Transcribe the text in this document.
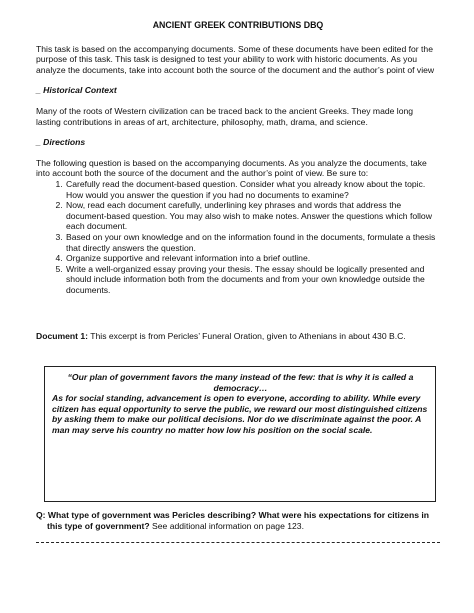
ANCIENT GREEK CONTRIBUTIONS DBQ

This task is based on the accompanying documents. Some of these documents have been edited for the purpose of this task. This task is designed to test your ability to work with historic documents. As you analyze the documents, take into account both the source of the document and the author’s point of view

_ Historical Context

Many of the roots of Western civilization can be traced back to the ancient Greeks. They made long lasting contributions in areas of art, architecture, philosophy, math, drama, and science.

_ Directions

The following question is based on the accompanying documents. As you analyze the documents, take into account both the source of the document and the author’s point of view. Be sure to:

1. Carefully read the document-based question. Consider what you already know about the topic. How would you answer the question if you had no documents to examine?
2. Now, read each document carefully, underlining key phrases and words that address the document-based question. You may also wish to make notes. Answer the questions which follow each document.
3. Based on your own knowledge and on the information found in the documents, formulate a thesis that directly answers the question.
4. Organize supportive and relevant information into a brief outline.
5. Write a well-organized essay proving your thesis. The essay should be logically presented and should include information both from the documents and from your own knowledge outside the documents.

Document 1: This excerpt is from Pericles’ Funeral Oration, given to Athenians in about 430 B.C.

“Our plan of government favors the many instead of the few: that is why it is called a democracy…

As for social standing, advancement is open to everyone, according to ability. While every citizen has equal opportunity to serve the public, we reward our most distinguished citizens by asking them to make our political decisions. Nor do we discriminate against the poor. A man may serve his country no matter how low his position on the social scale.

Q: What type of government was Pericles describing? What were his expectations for citizens in this type of government? See additional information on page 123.
